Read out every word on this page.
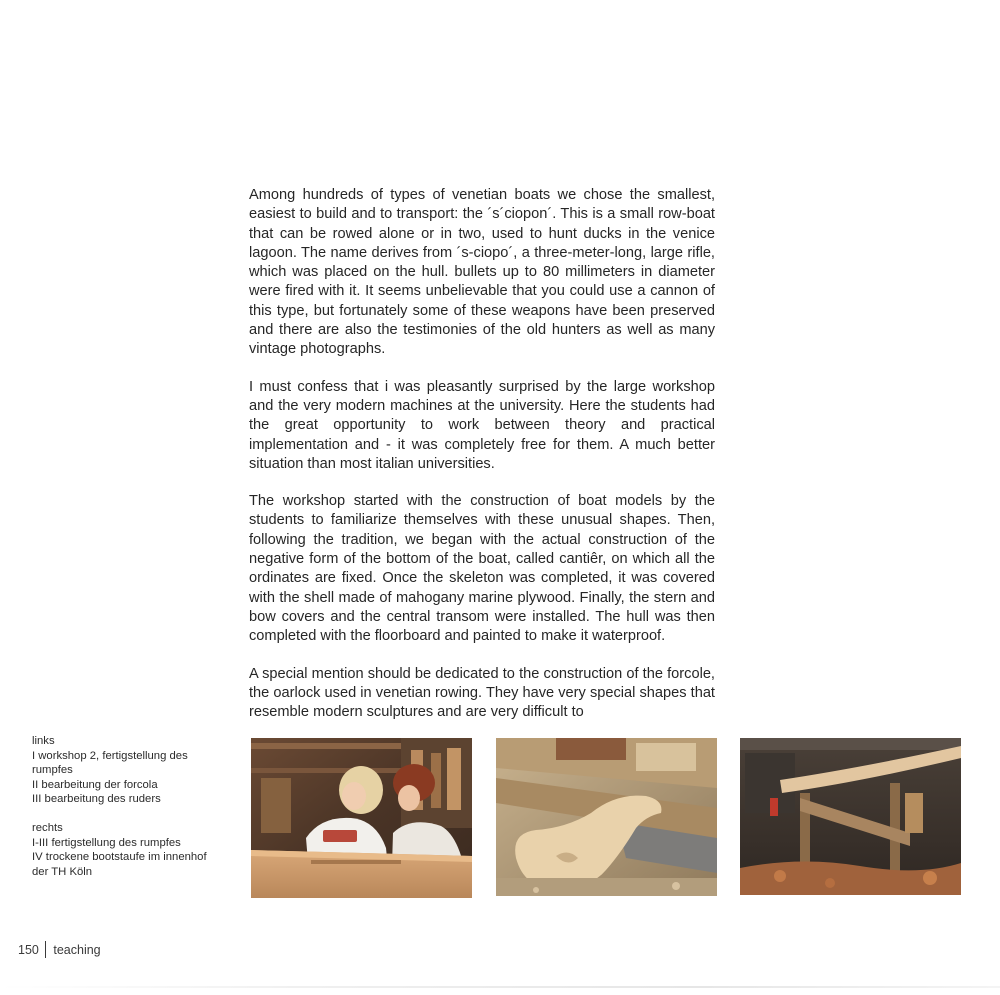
Among hundreds of types of venetian boats we chose the smallest, easiest to build and to transport: the ´s´ciopon´. This is a small row-boat that can be rowed alone or in two, used to hunt ducks in the venice lagoon. The name derives from ´s-ciopo´, a three-meter-long, large rifle, which was placed on the hull. bullets up to 80 millimeters in diameter were fired with it. It seems unbelievable that you could use a cannon of this type, but fortunately some of these weapons have been preserved and there are also the testimonies of the old hunters as well as many vintage photographs.

I must confess that i was pleasantly surprised by the large workshop and the very modern machines at the university. Here the students had the great opportunity to work between theory and practical implementation and - it was completely free for them. A much better situation than most italian universities.

The workshop started with the construction of boat models by the students to familiarize themselves with these unusual shapes. Then, following the tradition, we began with the actual construction of the negative form of the bottom of the boat, called cantiêr, on which all the ordinates are fixed. Once the skeleton was completed, it was covered with the shell made of mahogany marine plywood. Finally, the stern and bow covers and the central transom were installed. The hull was then completed with the floorboard and painted to make it waterproof.

A special mention should be dedicated to the construction of the forcole, the oarlock used in venetian rowing. They have very special shapes that resemble modern sculptures and are very difficult to

links
I workshop 2, fertigstellung des rumpfes
II bearbeitung der forcola
III bearbeitung des ruders
rechts
I-III fertigstellung des rumpfes
IV trockene bootstaufe im innenhof der TH Köln
150 teaching
